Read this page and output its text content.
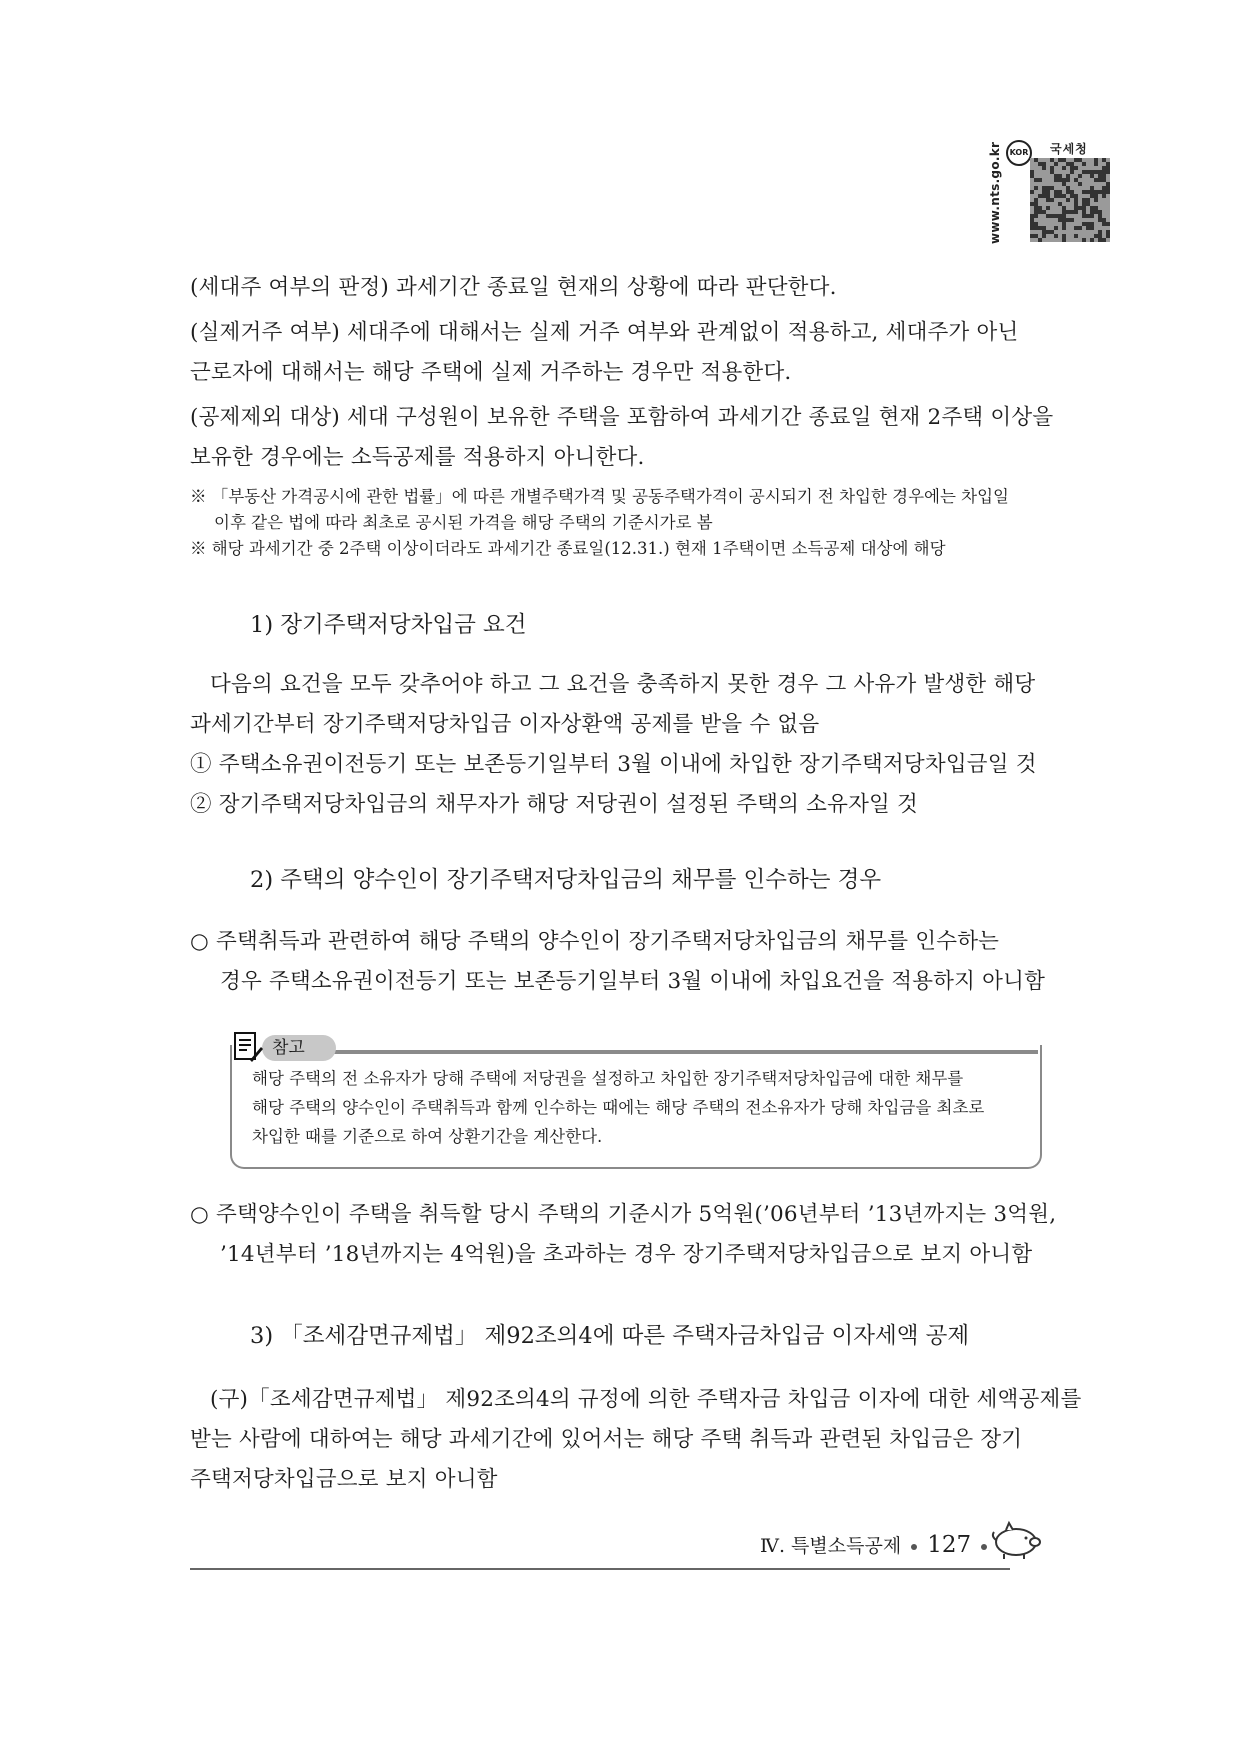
www.nts.go.kr KOR 국세청
(세대주 여부의 판정) 과세기간 종료일 현재의 상황에 따라 판단한다.
(실제거주 여부) 세대주에 대해서는 실제 거주 여부와 관계없이 적용하고, 세대주가 아닌
근로자에 대해서는 해당 주택에 실제 거주하는 경우만 적용한다.
(공제제외 대상) 세대 구성원이 보유한 주택을 포함하여 과세기간 종료일 현재 2주택 이상을
보유한 경우에는 소득공제를 적용하지 아니한다.
※ 「부동산 가격공시에 관한 법률」에 따른 개별주택가격 및 공동주택가격이 공시되기 전 차입한 경우에는 차입일
이후 같은 법에 따라 최초로 공시된 가격을 해당 주택의 기준시가로 봄
※ 해당 과세기간 중 2주택 이상이더라도 과세기간 종료일(12.31.) 현재 1주택이면 소득공제 대상에 해당
1) 장기주택저당차입금 요건
다음의 요건을 모두 갖추어야 하고 그 요건을 충족하지 못한 경우 그 사유가 발생한 해당
과세기간부터 장기주택저당차입금 이자상환액 공제를 받을 수 없음
① 주택소유권이전등기 또는 보존등기일부터 3월 이내에 차입한 장기주택저당차입금일 것
② 장기주택저당차입금의 채무자가 해당 저당권이 설정된 주택의 소유자일 것
2) 주택의 양수인이 장기주택저당차입금의 채무를 인수하는 경우
○ 주택취득과 관련하여 해당 주택의 양수인이 장기주택저당차입금의 채무를 인수하는
경우 주택소유권이전등기 또는 보존등기일부터 3월 이내에 차입요건을 적용하지 아니함
참고
해당 주택의 전 소유자가 당해 주택에 저당권을 설정하고 차입한 장기주택저당차입금에 대한 채무를
해당 주택의 양수인이 주택취득과 함께 인수하는 때에는 해당 주택의 전소유자가 당해 차입금을 최초로
차입한 때를 기준으로 하여 상환기간을 계산한다.
○ 주택양수인이 주택을 취득할 당시 주택의 기준시가 5억원(’06년부터 ’13년까지는 3억원,
’14년부터 ’18년까지는 4억원)을 초과하는 경우 장기주택저당차입금으로 보지 아니함
3) 「조세감면규제법」 제92조의4에 따른 주택자금차입금 이자세액 공제
(구)「조세감면규제법」 제92조의4의 규정에 의한 주택자금 차입금 이자에 대한 세액공제를
받는 사람에 대하여는 해당 과세기간에 있어서는 해당 주택 취득과 관련된 차입금은 장기
주택저당차입금으로 보지 아니함
Ⅳ. 특별소득공제 127
